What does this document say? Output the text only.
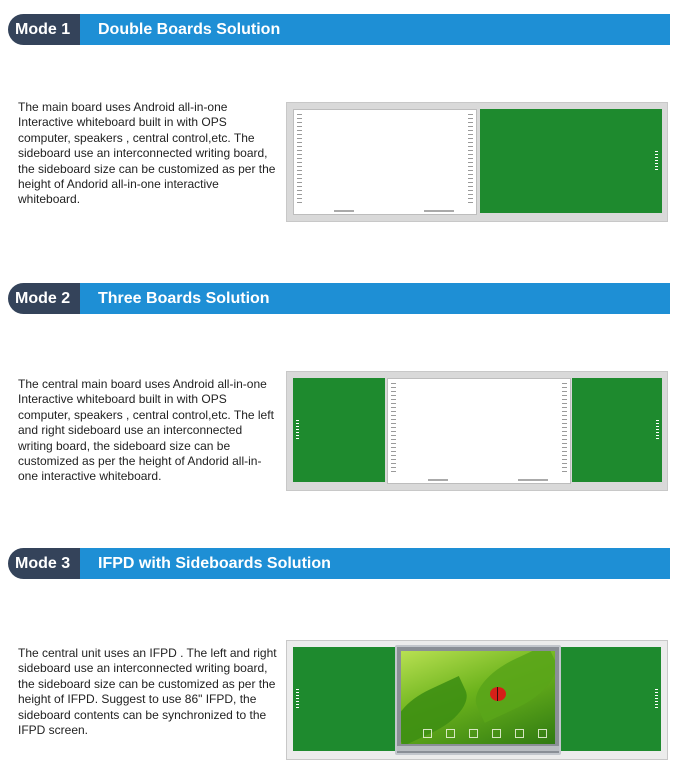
Mode 1	Double Boards Solution
The main board uses Android all-in-one Interactive whiteboard built in with OPS computer, speakers , central control,etc. The sideboard use an interconnected writing board, the sideboard size can be customized as per the height of Andorid all-in-one interactive whiteboard.
Mode 2	Three Boards Solution
The central main board uses Android all-in-one Interactive whiteboard built in with OPS computer, speakers , central control,etc. The left and right sideboard use an interconnected writing board, the sideboard size can be customized as per the height of Andorid all-in-one interactive whiteboard.
Mode 3	IFPD with Sideboards Solution
The central unit uses an IFPD . The left and right sideboard use an interconnected writing board, the sideboard size can be customized as per the height of IFPD. Suggest to use 86" IFPD, the sideboard contents can be synchronized to the IFPD screen.
